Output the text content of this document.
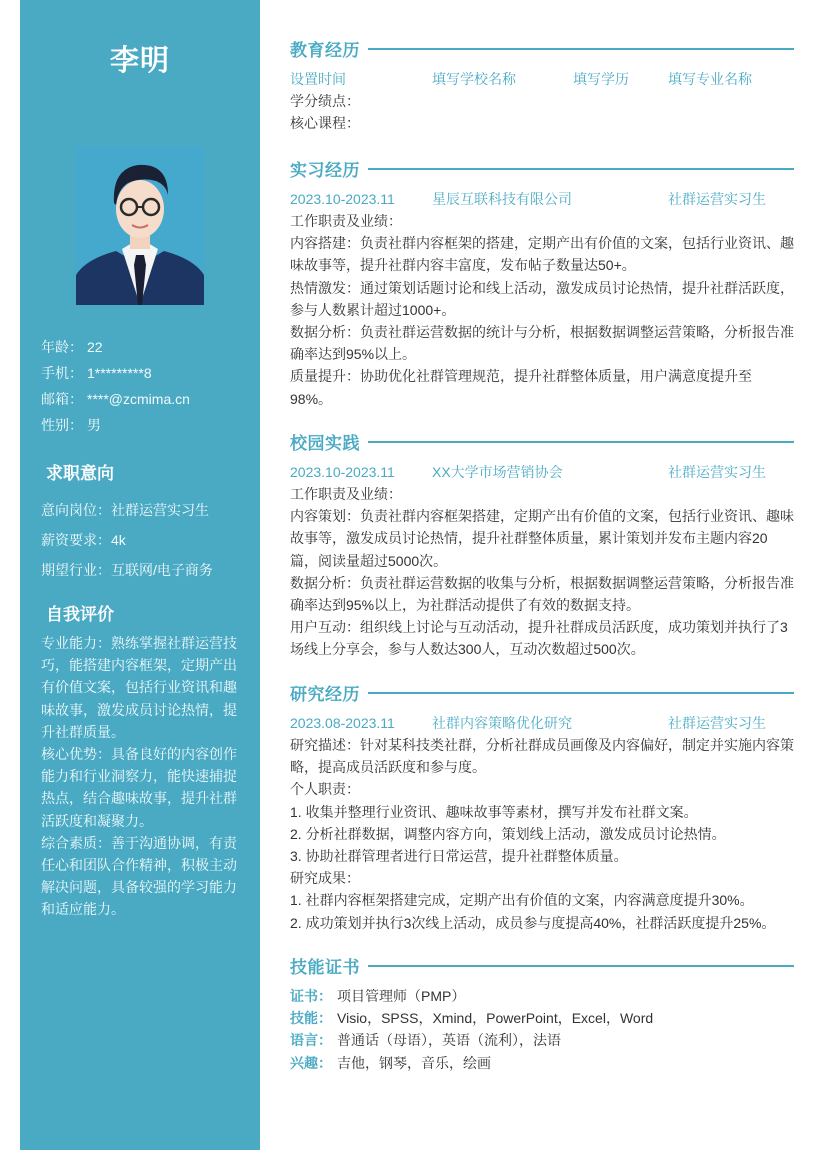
李明
年龄： 22
手机： 1*********8
邮箱： ****@zcmima.cn
性别： 男
求职意向
意向岗位：社群运营实习生
薪资要求：4k
期望行业：互联网/电子商务
自我评价

专业能力：熟练掌握社群运营技巧，能搭建内容框架，定期产出有价值文案，包括行业资讯和趣味故事，激发成员讨论热情，提升社群质量。

核心优势：具备良好的内容创作能力和行业洞察力，能快速捕捉热点，结合趣味故事，提升社群活跃度和凝聚力。

综合素质：善于沟通协调，有责任心和团队合作精神，积极主动解决问题，具备较强的学习能力和适应能力。

教育经历
设置时间	填写学校名称	填写学历	填写专业名称

学分绩点：

核心课程：

实习经历
2023.10-2023.11	星辰互联科技有限公司	社群运营实习生

工作职责及业绩：

内容搭建：负责社群内容框架的搭建，定期产出有价值的文案，包括行业资讯、趣味故事等，提升社群内容丰富度，发布帖子数量达50+。

热情激发：通过策划话题讨论和线上活动，激发成员讨论热情，提升社群活跃度，参与人数累计超过1000+。

数据分析：负责社群运营数据的统计与分析，根据数据调整运营策略，分析报告准确率达到95%以上。

质量提升：协助优化社群管理规范，提升社群整体质量，用户满意度提升至98%。

校园实践
2023.10-2023.11	XX大学市场营销协会	社群运营实习生

工作职责及业绩：

内容策划：负责社群内容框架搭建，定期产出有价值的文案，包括行业资讯、趣味故事等，激发成员讨论热情，提升社群整体质量，累计策划并发布主题内容20篇，阅读量超过5000次。

数据分析：负责社群运营数据的收集与分析，根据数据调整运营策略，分析报告准确率达到95%以上，为社群活动提供了有效的数据支持。

用户互动：组织线上讨论与互动活动，提升社群成员活跃度，成功策划并执行了3场线上分享会，参与人数达300人，互动次数超过500次。

研究经历
2023.08-2023.11	社群内容策略优化研究	社群运营实习生

研究描述：针对某科技类社群，分析社群成员画像及内容偏好，制定并实施内容策略，提高成员活跃度和参与度。

个人职责：

1. 收集并整理行业资讯、趣味故事等素材，撰写并发布社群文案。

2. 分析社群数据，调整内容方向，策划线上活动，激发成员讨论热情。

3. 协助社群管理者进行日常运营，提升社群整体质量。

研究成果：

1. 社群内容框架搭建完成，定期产出有价值的文案，内容满意度提升30%。

2. 成功策划并执行3次线上活动，成员参与度提高40%，社群活跃度提升25%。

技能证书
证书： 项目管理师（PMP）
技能： Visio，SPSS，Xmind，PowerPoint，Excel，Word
语言： 普通话（母语），英语（流利），法语
兴趣： 吉他，钢琴，音乐，绘画
